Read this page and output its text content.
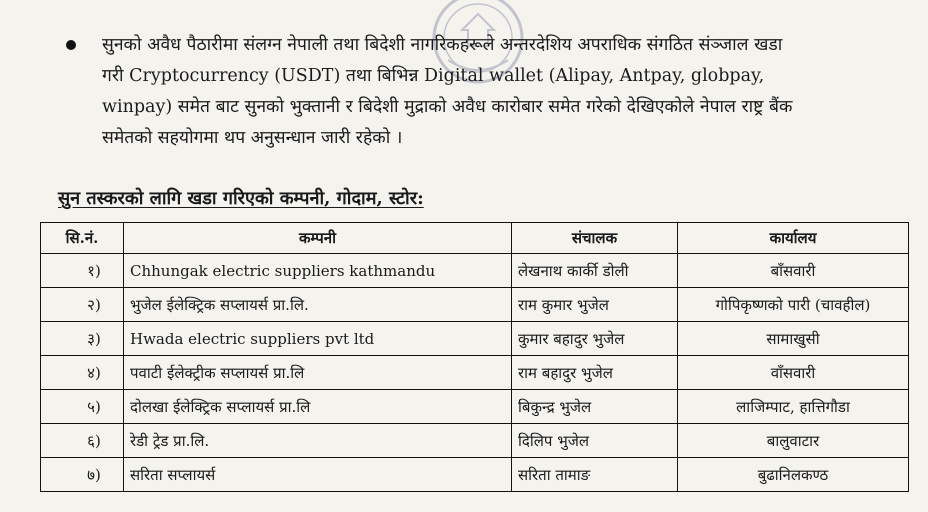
सुनको अवैध पैठारीमा संलग्न नेपाली तथा बिदेशी नागरिकहरूले अन्तरदेशिय अपराधिक संगठित संञ्जाल खडा
गरी Cryptocurrency (USDT) तथा बिभिन्न Digital wallet (Alipay, Antpay, globpay,
winpay) समेत बाट सुनको भुक्तानी र बिदेशी मुद्राको अवैध कारोबार समेत गरेको देखिएकोले नेपाल राष्ट्र बैंक
समेतको सहयोगमा थप अनुसन्धान जारी रहेको ।

सुन तस्करको लागि खडा गरिएको कम्पनी, गोदाम, स्टोर:
सि.नं.	कम्पनी	संचालक	कार्यालय
१)	Chhungak electric suppliers kathmandu	लेखनाथ कार्की डोली	बाँसवारी
२)	भुजेल ईलेक्ट्रिक सप्लायर्स प्रा.लि.	राम कुमार भुजेल	गोपिकृष्णको पारी (चावहील)
३)	Hwada electric suppliers pvt ltd	कुमार बहादुर भुजेल	सामाखुसी
४)	पवाटी ईलेक्ट्रीक सप्लायर्स प्रा.लि	राम बहादुर भुजेल	वाँसवारी
५)	दोलखा ईलेक्ट्रिक सप्लायर्स प्रा.लि	बिकुन्द्र भुजेल	लाजिम्पाट, हात्तिगौडा
६)	रेडी ट्रेड प्रा.लि.	दिलिप भुजेल	बालुवाटार
७)	सरिता सप्लायर्स	सरिता तामाङ	बुढानिलकण्ठ
